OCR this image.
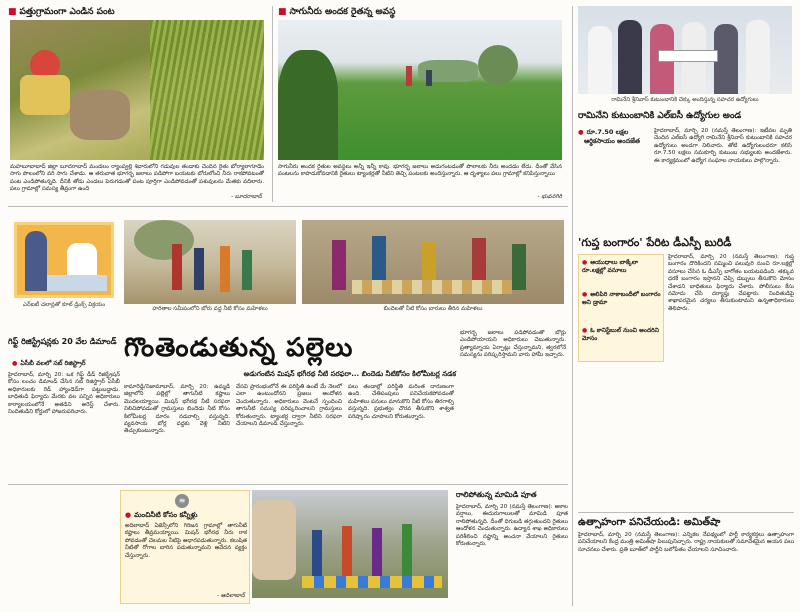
■ పత్తుగ్రామంగా ఎండిన పంట
మహబూబాబాద్ జిల్లా బూదరాబాద్ మండలం ర్యాంప్వల్లి శివారులోని గడువుల తండాకు చెందిన రైతు బోర్యాలాగూడెం సాగు పొలంలోని వరి సాగు చేశాడు. ఆ తరువాత భూగర్భ జలాలు పడిపోగా బయటకు బోరులోంచి నీరు రాకపోవటంతో పంట ఎండిపోతున్నది. దీనికి తోడు ఎండలు పెరుగడంతో పంట పూర్తిగా ఎండిపోవడంతో పశువులను మేతకు వదిలారు. పలు గ్రామాల్లో సమస్య తీవ్రంగా ఉంది
- బూదరాబాద్
■ సాగునీరు అందక రైతన్న అవస్థ
సాగునీరు అందక రైతుల అవస్థలు అన్నీ ఇన్నీ కావు. భూగర్భ జలాలు అడుగంటడంతో పొలాలకు నీరు అందడం లేదు. దీంతో వేసిన పంటలను కాపాడుకోవడానికి రైతులు ట్యాంకర్లతో నీటిని తెచ్చి పంటలకు అందిస్తున్నారు. ఆ దృశ్యాలు పలు గ్రామాల్లో కనిపిస్తున్నాయి
- భువనగిరి
రామినేని శ్రీనివాస్ కుటుంబానికి చెక్కు అందిస్తున్న సహచర ఉద్యోగులు
రామినేని కుటుంబానికి ఎల్ఐసీ ఉద్యోగుల అండ
● రూ.7.50 లక్షల
ఆర్థికసాయం అందజేత
హైదరాబాద్, మార్చి 20 (నమస్తే తెలంగాణ): ఇటీవల మృతి చెందిన ఎల్ఐసీ ఉద్యోగి రామినేని శ్రీనివాస్ కుటుంబానికి సహచర ఉద్యోగులు అండగా నిలిచారు. తోటి ఉద్యోగులందరూ కలిసి రూ.7.50 లక్షలు సమకూర్చి కుటుంబ సభ్యులకు అందజేశారు. ఈ కార్యక్రమంలో ఉద్యోగ సంఘాల నాయకులు పాల్గొన్నారు.
ఎన్ఐటీ చలాన్లతో కూల్ డ్రింక్స్ విక్రయం
గిఫ్ట్ రిజిస్ట్రేషన్లకు 20 వేల డిమాండ్
● ఏసీబీ వలలో సబ్ రిజిస్ట్రార్
హైదరాబాద్, మార్చి 20: ఒక గిఫ్ట్ డీడ్ రిజిస్ట్రేషన్ కోసం లంచం డిమాండ్ చేసిన సబ్ రిజిస్ట్రార్ ఏసీబీ అధికారులకు రెడ్ హ్యాండెడ్‌గా పట్టుబడ్డాడు. బాధితుడి ఫిర్యాదు మేరకు వల పన్నిన అధికారులు కార్యాలయంలోనే అతడిని అరెస్ట్ చేశారు. నిందితుడిని కోర్టులో హాజరుపరిచారు.
హరితాల సమీపంలోని బోరు వద్ద నీటి కోసం మహిళలు	బిందెలతో నీటి కోసం బారులు తీరిన మహిళలు
గొంతెండుతున్న పల్లెలు
అడుగంటిన మిషన్ భగీరథ నీటి సరఫరా... బిందెడు నీటికోసం కిలోమీటర్ల నడక
కామారెడ్డి/నిజామాబాద్, మార్చి 20: ఉమ్మడి జిల్లాలోని పల్లెల్లో తాగునీటి కష్టాలు మొదలయ్యాయి. మిషన్ భగీరథ నీటి సరఫరా నిలిచిపోవడంతో గ్రామస్తులు బిందెడు నీటి కోసం కిలోమీటర్ల దూరం నడవాల్సి వస్తున్నది. వ్యవసాయ బోర్ల వద్దకు వెళ్లి నీటిని తెచ్చుకుంటున్నారు.
వేసవి ప్రారంభంలోనే ఈ పరిస్థితి ఉంటే మే నెలలో ఎలా ఉంటుందోనని ప్రజలు ఆందోళన చెందుతున్నారు. అధికారులు వెంటనే స్పందించి తాగునీటి సమస్య పరిష్కరించాలని గ్రామస్తులు కోరుతున్నారు. ట్యాంకర్ల ద్వారా నీటిని సరఫరా చేయాలని డిమాండ్ చేస్తున్నారు.
పలు తండాల్లో పరిస్థితి మరింత దారుణంగా ఉంది. చేతిపంపులు పనిచేయకపోవడంతో మహిళలు పనులు మానుకొని నీటి కోసం తిరగాల్సి వస్తున్నది. ప్రభుత్వం చొరవ తీసుకొని శాశ్వత పరిష్కారం చూపాలని కోరుతున్నారు.
భూగర్భ జలాలు పడిపోవడంతో బోర్లు ఎండిపోయాయని అధికారులు చెబుతున్నారు. ప్రత్యామ్నాయ ఏర్పాట్లు చేస్తున్నామని, త్వరలోనే సమస్యను పరిష్కరిస్తామని వారు హామీ ఇచ్చారు.
≡
● మంచినీటి కోసం కన్నీళ్లు
అదిలాబాద్ ఏజెన్సీలోని గిరిజన గ్రామాల్లో తాగునీటి కష్టాలు తీవ్రమయ్యాయి. మిషన్ భగీరథ నీరు రాక పోవడంతో చెలమల నీటిపై ఆధారపడుతున్నారు. కలుషిత నీటితో రోగాల బారిన పడుతున్నామని ఆవేదన వ్యక్తం చేస్తున్నారు.
- ఆదిలాబాద్
రాలిపోతున్న మామిడి పూత
హైదరాబాద్, మార్చి 20 (నమస్తే తెలంగాణ): అకాల వర్షాలు, ఈదురుగాలులతో మామిడి పూత రాలిపోతున్నది. దీంతో దిగుబడి తగ్గుతుందని రైతులు ఆందోళన చెందుతున్నారు. ఉద్యాన శాఖ అధికారులు పరిశీలించి నష్టాన్ని అంచనా వేయాలని రైతులు కోరుతున్నారు.
'గుప్త బంగారం' పేరిట డీఎస్పీ బురిడీ
● ఆయుధాలు బాక్కేలా రూ.లక్షల్లో వసూలు
● అలిపిరి నాకాబందీలో బంగారం అని డ్రామా
● ఓ కానిస్టేబుల్ నుంచి అందరిని మోసం
హైదరాబాద్, మార్చి 20 (నమస్తే తెలంగాణ): గుప్త బంగారం దొరికిందని నమ్మించి పలువురి నుంచి రూ.లక్షల్లో వసూలు చేసిన ఓ డీఎస్పీ బాగోతం బయటపడింది. తక్కువ ధరకే బంగారం ఇస్తానని చెప్పి డబ్బులు తీసుకొని మోసం చేశాడని బాధితులు ఫిర్యాదు చేశారు. పోలీసులు కేసు నమోదు చేసి దర్యాప్తు చేపట్టారు. నిందితుడిపై శాఖాపరమైన చర్యలు తీసుకుంటామని ఉన్నతాధికారులు తెలిపారు.
ఉత్సాహంగా పనిచేయండి: అమిత్‌షా
హైదరాబాద్, మార్చి 20 (నమస్తే తెలంగాణ): ఎన్నికల నేపథ్యంలో పార్టీ కార్యకర్తలు ఉత్సాహంగా పనిచేయాలని కేంద్ర మంత్రి అమిత్‌షా పిలుపునిచ్చారు. రాష్ట్ర నాయకులతో సమావేశమైన ఆయన పలు సూచనలు చేశారు. ప్రతి బూత్‌లో పార్టీని బలోపేతం చేయాలని సూచించారు.
